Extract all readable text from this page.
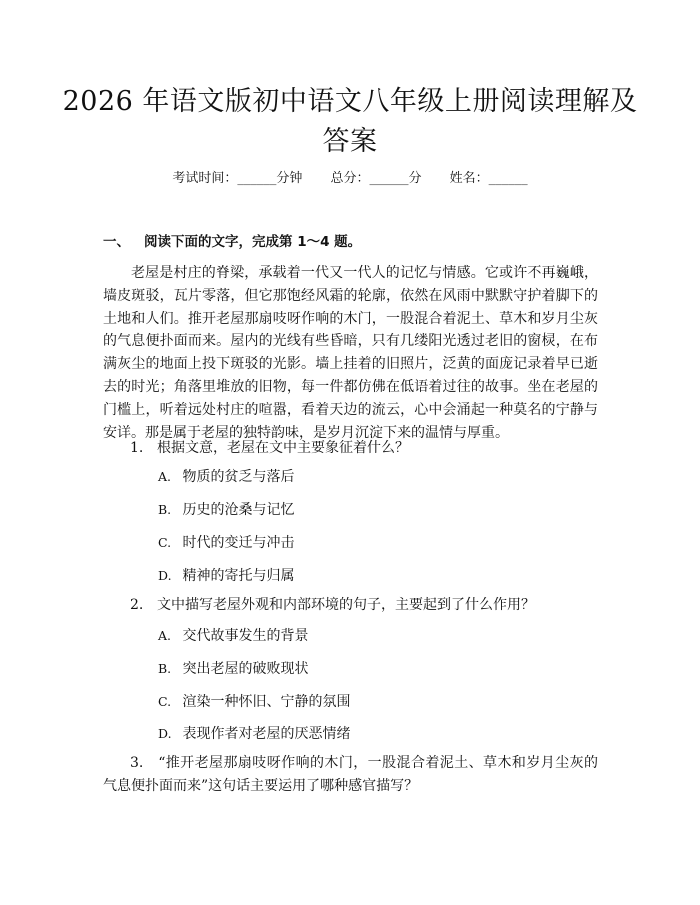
2026 年语文版初中语文八年级上册阅读理解及答案
考试时间：______分钟 总分：______分 姓名：______
一、 阅读下面的文字，完成第 1～4 题。
老屋是村庄的脊梁，承载着一代又一代人的记忆与情感。它或许不再巍峨，墙皮斑驳，瓦片零落，但它那饱经风霜的轮廓，依然在风雨中默默守护着脚下的土地和人们。推开老屋那扇吱呀作响的木门，一股混合着泥土、草木和岁月尘灰的气息便扑面而来。屋内的光线有些昏暗，只有几缕阳光透过老旧的窗棂，在布满灰尘的地面上投下斑驳的光影。墙上挂着的旧照片，泛黄的面庞记录着早已逝去的时光；角落里堆放的旧物，每一件都仿佛在低语着过往的故事。坐在老屋的门槛上，听着远处村庄的喧嚣，看着天边的流云，心中会涌起一种莫名的宁静与安详。那是属于老屋的独特韵味，是岁月沉淀下来的温情与厚重。
1. 根据文意，老屋在文中主要象征着什么？
A. 物质的贫乏与落后
B. 历史的沧桑与记忆
C. 时代的变迁与冲击
D. 精神的寄托与归属
2. 文中描写老屋外观和内部环境的句子，主要起到了什么作用？
A. 交代故事发生的背景
B. 突出老屋的破败现状
C. 渲染一种怀旧、宁静的氛围
D. 表现作者对老屋的厌恶情绪
3.　 “推开老屋那扇吱呀作响的木门，一股混合着泥土、草木和岁月尘灰的气息便扑面而来”这句话主要运用了哪种感官描写？
